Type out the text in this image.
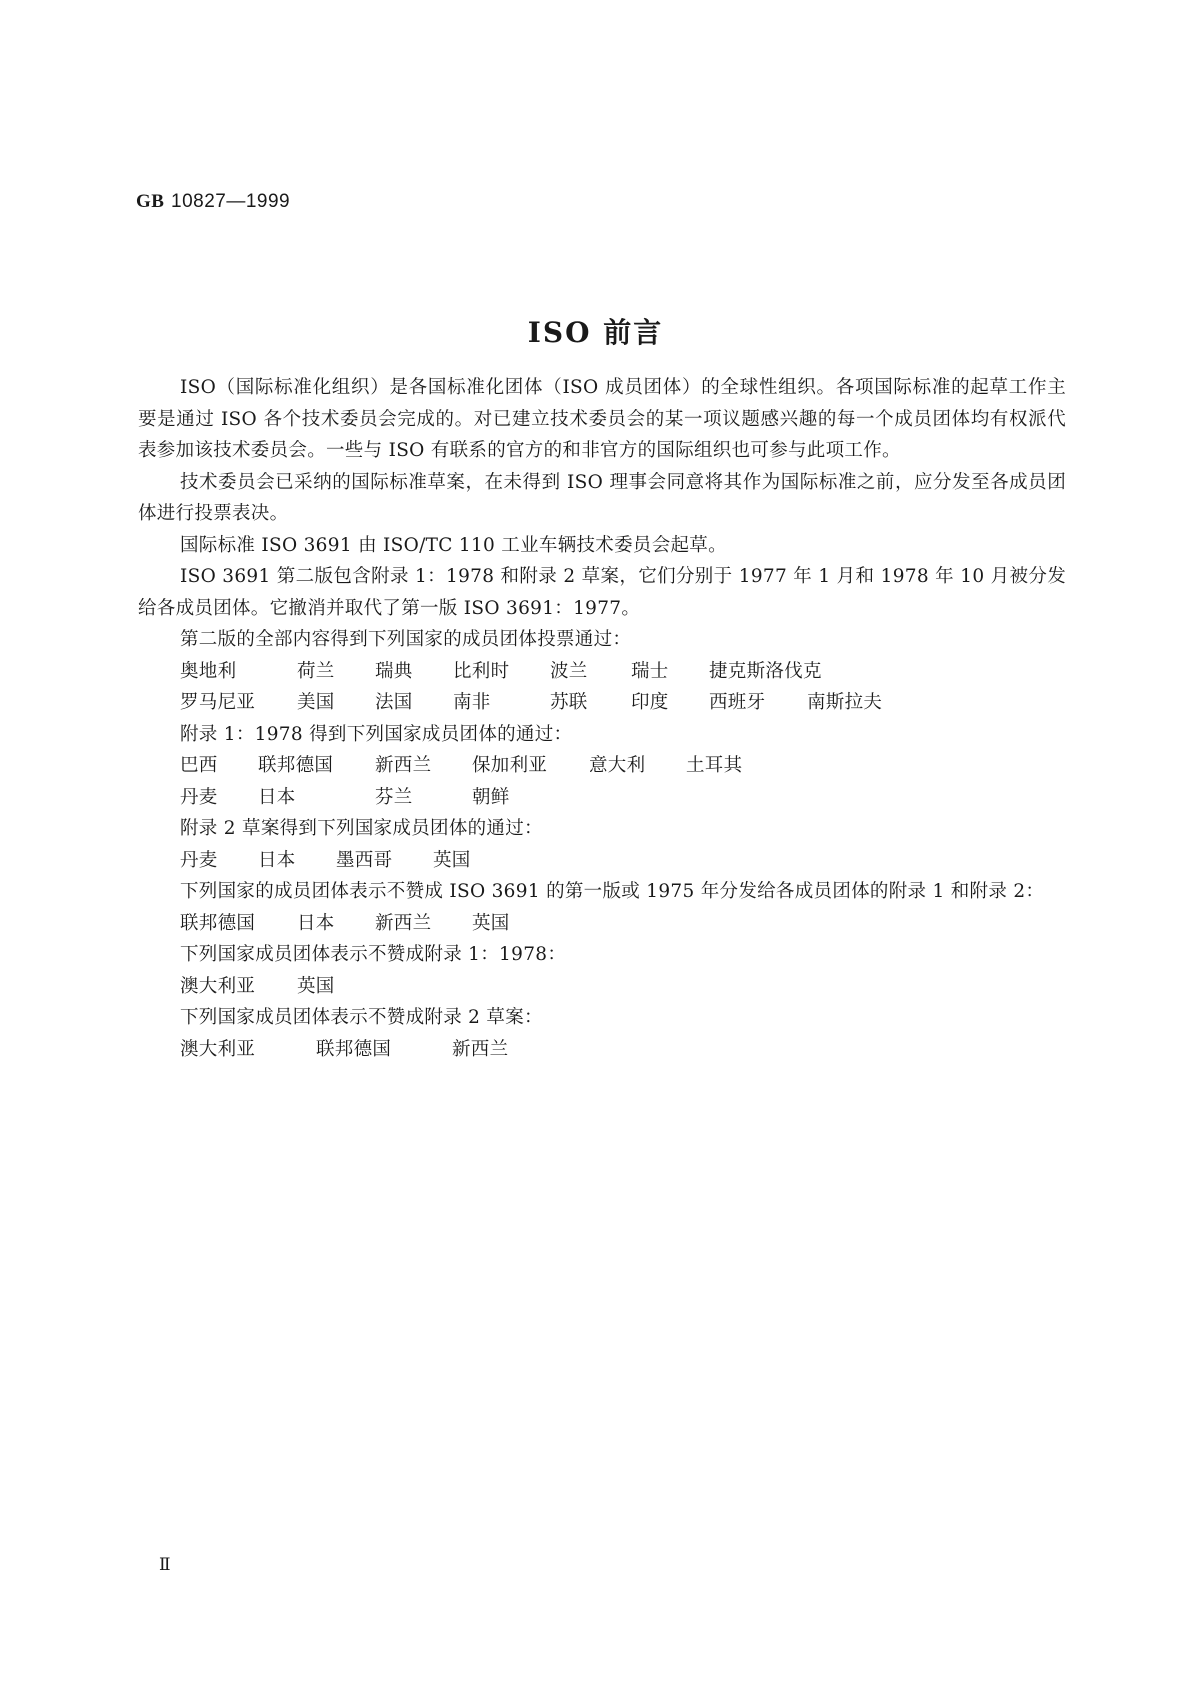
GB 10827—1999
ISO 前言

ISO（国际标准化组织）是各国标准化团体（ISO 成员团体）的全球性组织。各项国际标准的起草工作主要是通过 ISO 各个技术委员会完成的。对已建立技术委员会的某一项议题感兴趣的每一个成员团体均有权派代表参加该技术委员会。一些与 ISO 有联系的官方的和非官方的国际组织也可参与此项工作。

技术委员会已采纳的国际标准草案，在未得到 ISO 理事会同意将其作为国际标准之前，应分发至各成员团体进行投票表决。

国际标准 ISO 3691 由 ISO/TC 110 工业车辆技术委员会起草。

ISO 3691 第二版包含附录 1：1978 和附录 2 草案，它们分别于 1977 年 1 月和 1978 年 10 月被分发给各成员团体。它撤消并取代了第一版 ISO 3691：1977。

第二版的全部内容得到下列国家的成员团体投票通过：

奥地利	荷兰	瑞典	比利时	波兰	瑞士	捷克斯洛伐克
罗马尼亚	美国	法国	南非	苏联	印度	西班牙	南斯拉夫

附录 1：1978 得到下列国家成员团体的通过：

巴西	联邦德国	新西兰	保加利亚	意大利	土耳其
丹麦	日本	芬兰	朝鲜

附录 2 草案得到下列国家成员团体的通过：

丹麦	日本	墨西哥	英国

下列国家的成员团体表示不赞成 ISO 3691 的第一版或 1975 年分发给各成员团体的附录 1 和附录 2：

联邦德国	日本	新西兰	英国

下列国家成员团体表示不赞成附录 1：1978：

澳大利亚	英国

下列国家成员团体表示不赞成附录 2 草案：

澳大利亚	联邦德国	新西兰
Ⅱ
